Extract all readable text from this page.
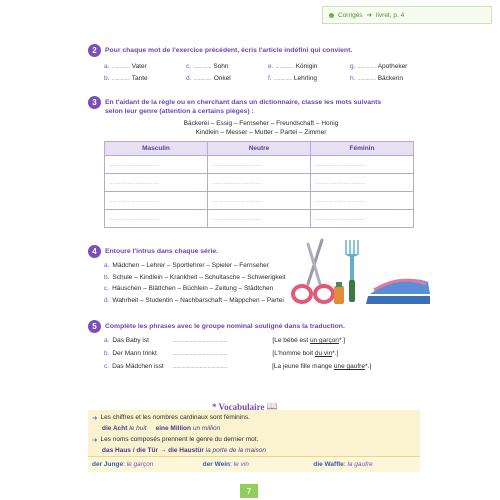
Corrigés ➜ livret, p. 4
2	Pour chaque mot de l'exercice précédent, écris l'article indéfini qui convient.
a. .............. Vater	c. .............. Sohn	e. .............. Königin	g. .............. Apotheker
b. .............. Tante	d. .............. Onkel	f. .............. Lehrling	h. .............. Bäckerin
3	En t'aidant de la règle ou en cherchant dans un dictionnaire, classe les mots suivants
selon leur genre (attention à certains pièges) :
Bäckerei – Essig – Fernseher – Freundschaft – Honig
Kindlein – Messer – Mutter – Partei – Zimmer
Masculin	Neutre	Féminin
..............................	..............................	..............................
..............................	..............................	..............................
..............................	..............................	..............................
..............................	..............................	..............................
4	Entoure l'intrus dans chaque série.
a. Mädchen – Lehrer – Sportlehrer – Spieler – Fernseher
b. Schule – Kindlein – Krankheit – Schultasche – Schwierigkeit
c. Häuschen – Blättchen – Büchlein – Zeitung – Städtchen
d. Wahrheit – Studentin – Nachbarschaft – Mäppchen – Partei
5	Complète les phrases avec le groupe nominal souligné dans la traduction.
a. Das Baby ist	..........................................	[Le bébé est un garçon*.]
b. Der Mann trinkt	..........................................	[L'homme boit du vin*.]
c. Das Mädchen isst	..........................................	[La jeune fille mange une gaufre*.]
* Vocabulaire 📖
➜ Les chiffres et les nombres cardinaux sont féminins.
die Acht le huit eine Million un million
➜ Les noms composés prennent le genre du dernier mot.
das Haus / die Tür → die Haustür la porte de la maison
der Junge: le garçon	der Wein: le vin	die Waffle: la gaufre
7
